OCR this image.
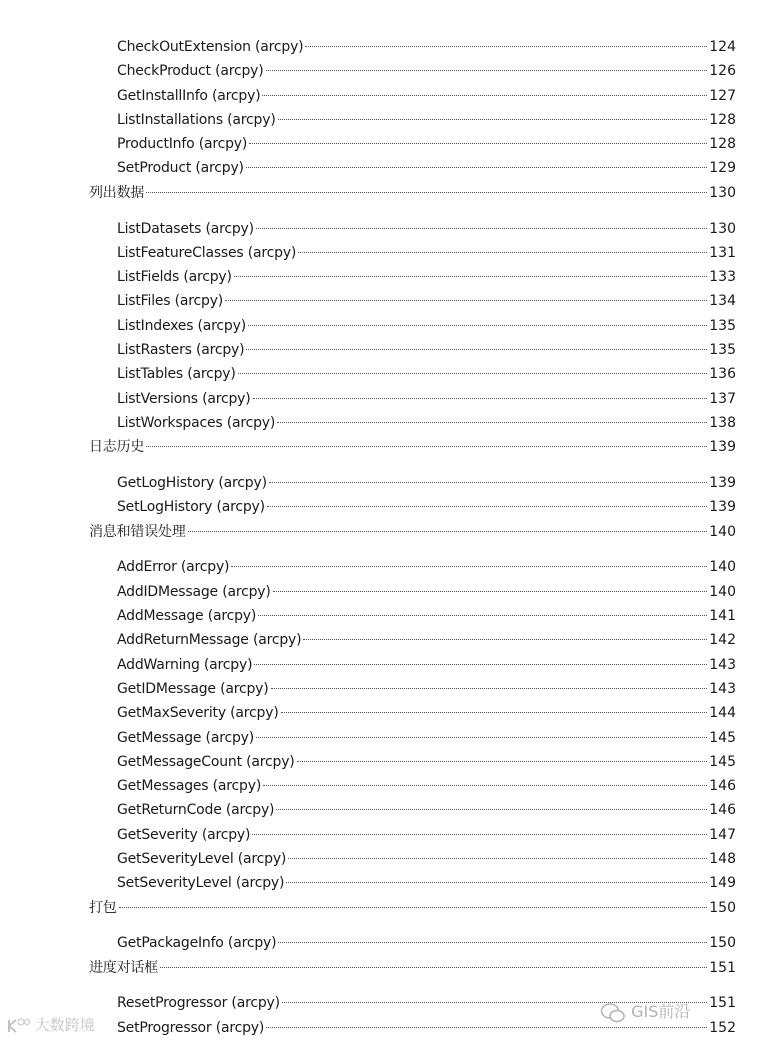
CheckOutExtension (arcpy)	124
CheckProduct (arcpy)	126
GetInstallInfo (arcpy)	127
ListInstallations (arcpy)	128
ProductInfo (arcpy)	128
SetProduct (arcpy)	129
列出数据	130
ListDatasets (arcpy)	130
ListFeatureClasses (arcpy)	131
ListFields (arcpy)	133
ListFiles (arcpy)	134
ListIndexes (arcpy)	135
ListRasters (arcpy)	135
ListTables (arcpy)	136
ListVersions (arcpy)	137
ListWorkspaces (arcpy)	138
日志历史	139
GetLogHistory (arcpy)	139
SetLogHistory (arcpy)	139
消息和错误处理	140
AddError (arcpy)	140
AddIDMessage (arcpy)	140
AddMessage (arcpy)	141
AddReturnMessage (arcpy)	142
AddWarning (arcpy)	143
GetIDMessage (arcpy)	143
GetMaxSeverity (arcpy)	144
GetMessage (arcpy)	145
GetMessageCount (arcpy)	145
GetMessages (arcpy)	146
GetReturnCode (arcpy)	146
GetSeverity (arcpy)	147
GetSeverityLevel (arcpy)	148
SetSeverityLevel (arcpy)	149
打包	150
GetPackageInfo (arcpy)	150
进度对话框	151
ResetProgressor (arcpy)	151
SetProgressor (arcpy)	152
大数跨境
GIS前沿
